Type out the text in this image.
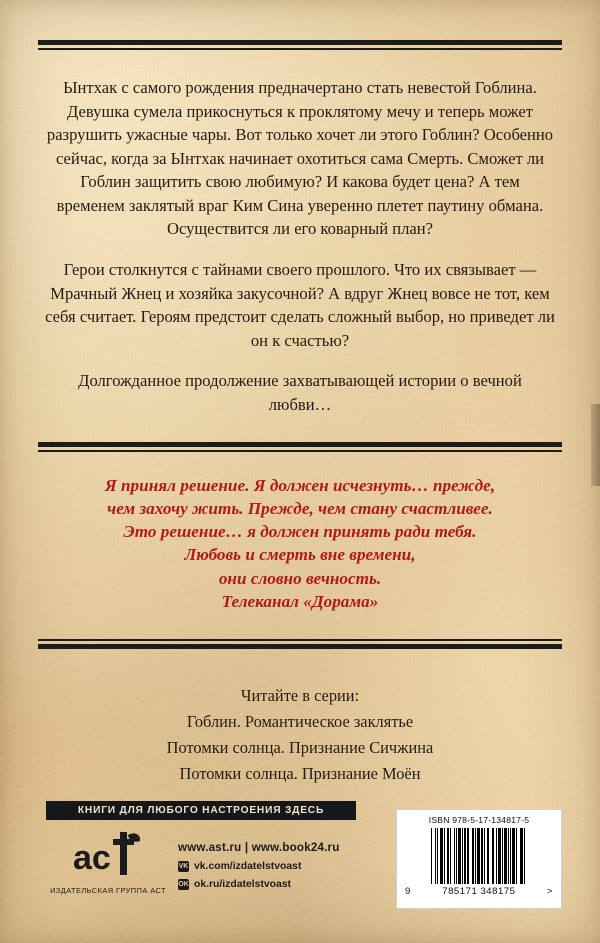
Ынтхак с самого рождения предначертано стать невестой Гоблина. Девушка сумела прикоснуться к проклятому мечу и теперь может разрушить ужасные чары. Вот только хочет ли этого Гоблин? Особенно сейчас, когда за Ынтхак начинает охотиться сама Смерть. Сможет ли Гоблин защитить свою любимую? И какова будет цена? А тем временем заклятый враг Ким Сина уверенно плетет паутину обмана. Осуществится ли его коварный план?

Герои столкнутся с тайнами своего прошлого. Что их связывает — Мрачный Жнец и хозяйка закусочной? А вдруг Жнец вовсе не тот, кем себя считает. Героям предстоит сделать сложный выбор, но приведет ли он к счастью?

Долгожданное продолжение захватывающей истории о вечной любви…

Я принял решение. Я должен исчезнуть… прежде,
чем захочу жить. Прежде, чем стану счастливее.
Это решение… я должен принять ради тебя.
Любовь и смерть вне времени,
они словно вечность.
Телеканал «Дорама»
Читайте в серии:
Гоблин. Романтическое заклятье
Потомки солнца. Признание Сичжина
Потомки солнца. Признание Моён
КНИГИ ДЛЯ ЛЮБОГО НАСТРОЕНИЯ ЗДЕСЬ
ac
ИЗДАТЕЛЬСКАЯ ГРУППА АСТ
www.ast.ru | www.book24.ru
VK vk.com/izdatelstvoast
OK ok.ru/izdatelstvoast
ISBN 978-5-17-134817-5
9	785171 348175	>
